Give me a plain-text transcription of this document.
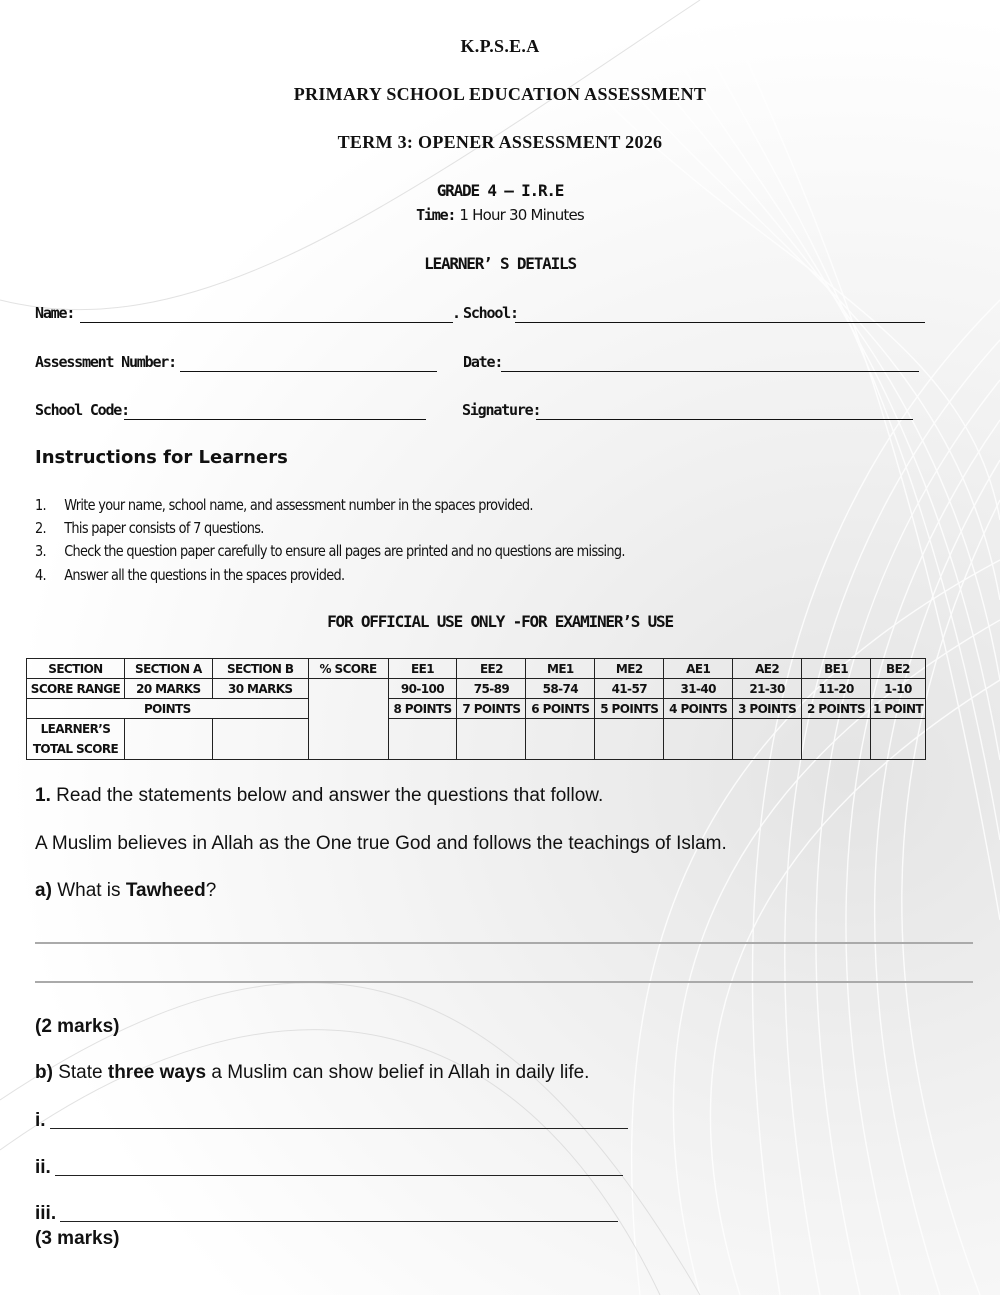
K.P.S.E.A
PRIMARY SCHOOL EDUCATION ASSESSMENT
TERM 3: OPENER ASSESSMENT 2026
GRADE 4 – I.R.E
Time: 1 Hour 30 Minutes
LEARNER’ S DETAILS
Name:	. School:
Assessment Number:	Date:
School Code:	Signature:
Instructions for Learners
1. Write your name, school name, and assessment number in the spaces provided.
2. This paper consists of 7 questions.
3. Check the question paper carefully to ensure all pages are printed and no questions are missing.
4. Answer all the questions in the spaces provided.
FOR OFFICIAL USE ONLY -FOR EXAMINER’S USE
SECTION	SECTION A	SECTION B	% SCORE	EE1	EE2	ME1	ME2	AE1	AE2	BE1	BE2
SCORE RANGE	20 MARKS	30 MARKS		90-100	75-89	58-74	41-57	31-40	21-30	11-20	1-10
POINTS				8 POINTS	7 POINTS	6 POINTS	5 POINTS	4 POINTS	3 POINTS	2 POINTS	1 POINT
LEARNER’S
TOTAL SCORE											
1. Read the statements below and answer the questions that follow.
A Muslim believes in Allah as the One true God and follows the teachings of Islam.
a) What is Tawheed?
(2 marks)
b) State three ways a Muslim can show belief in Allah in daily life.
i.
ii.
iii.
(3 marks)
